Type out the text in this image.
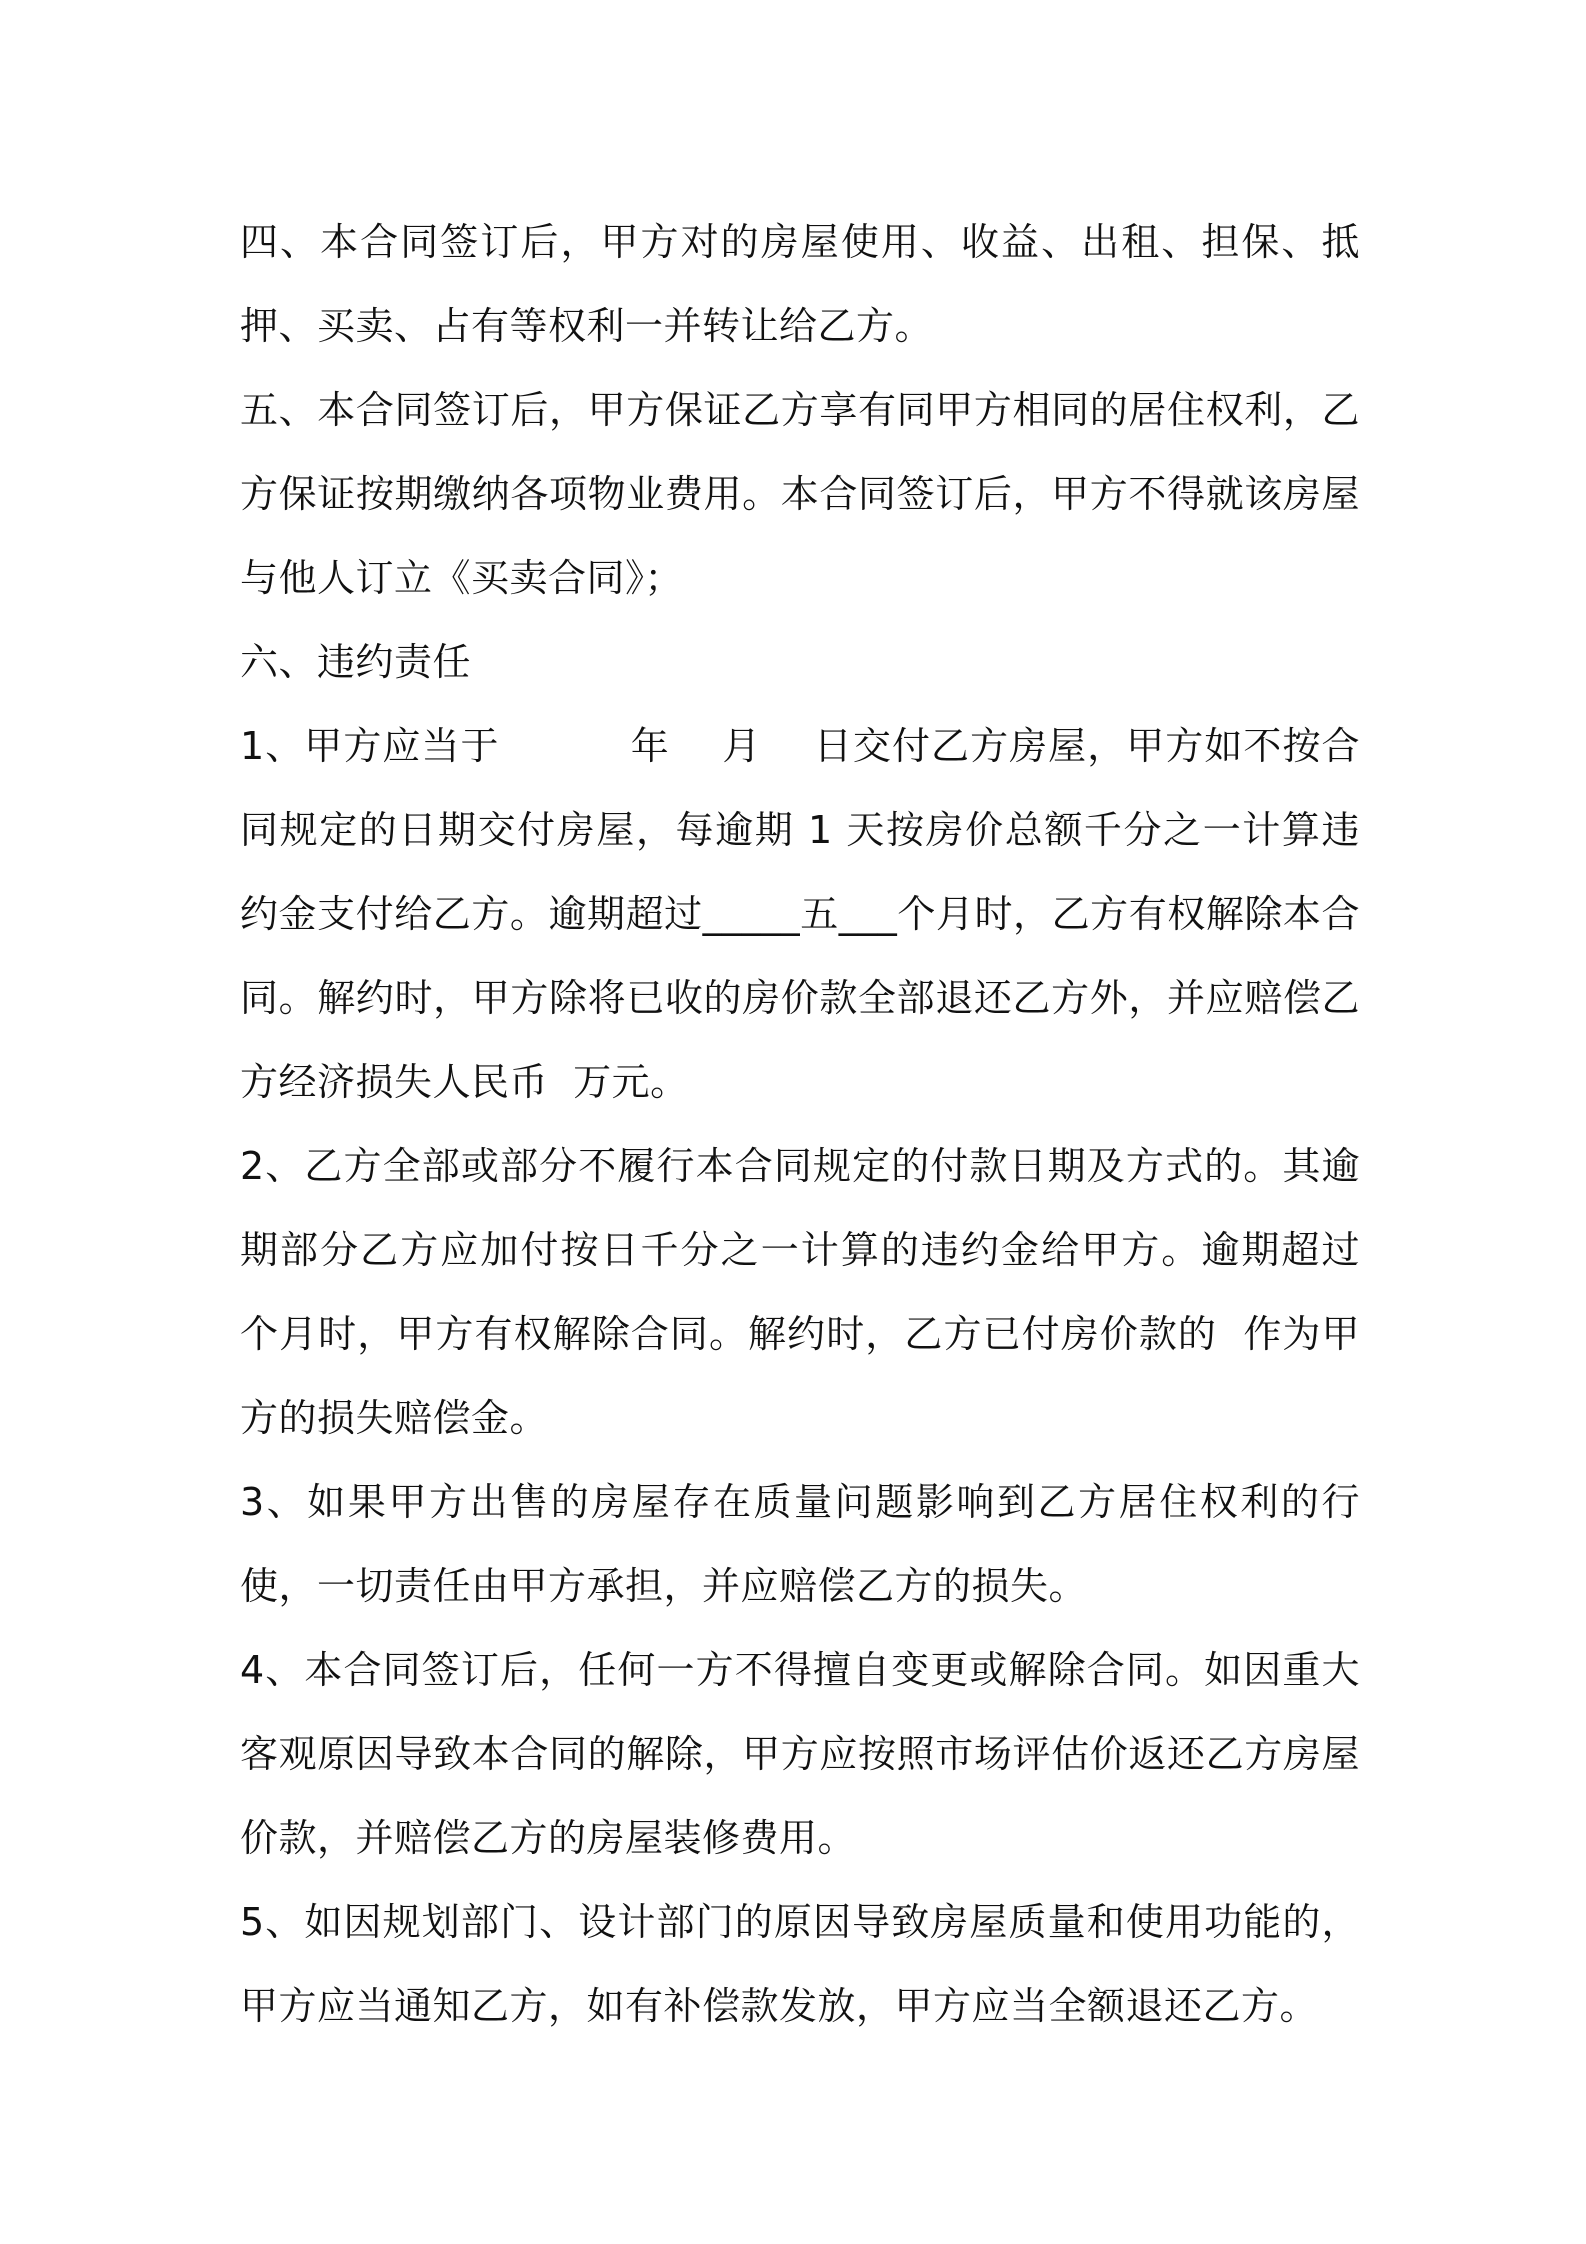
四、本合同签订后，甲方对的房屋使用、收益、出租、担保、抵押、买卖、占有等权利一并转让给乙方。

五、本合同签订后，甲方保证乙方享有同甲方相同的居住权利，乙方保证按期缴纳各项物业费用。本合同签订后，甲方不得就该房屋与他人订立《买卖合同》；

六、违约责任

1、甲方应当于          年    月    日交付乙方房屋，甲方如不按合同规定的日期交付房屋，每逾期 1 天按房价总额千分之一计算违约金支付给乙方。逾期超过_____五___个月时，乙方有权解除本合同。解约时，甲方除将已收的房价款全部退还乙方外，并应赔偿乙方经济损失人民币  万元。

2、乙方全部或部分不履行本合同规定的付款日期及方式的。其逾期部分乙方应加付按日千分之一计算的违约金给甲方。逾期超过  个月时，甲方有权解除合同。解约时，乙方已付房价款的  作为甲方的损失赔偿金。

3、如果甲方出售的房屋存在质量问题影响到乙方居住权利的行使，一切责任由甲方承担，并应赔偿乙方的损失。

4、本合同签订后，任何一方不得擅自变更或解除合同。如因重大客观原因导致本合同的解除，甲方应按照市场评估价返还乙方房屋价款，并赔偿乙方的房屋装修费用。

5、如因规划部门、设计部门的原因导致房屋质量和使用功能的，甲方应当通知乙方，如有补偿款发放，甲方应当全额退还乙方。
